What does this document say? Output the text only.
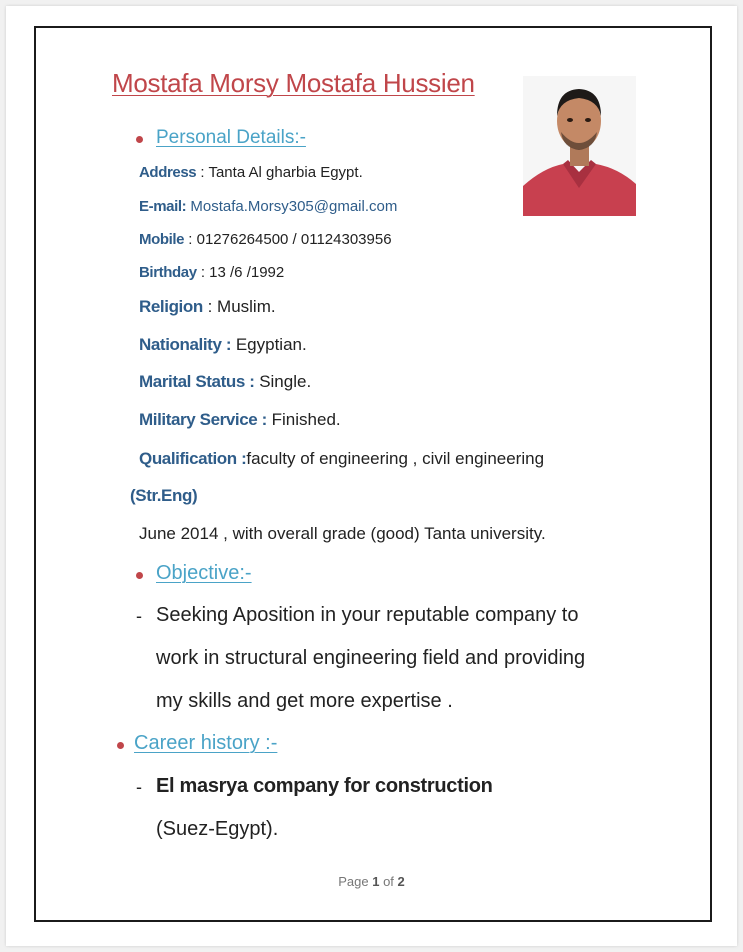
Mostafa Morsy Mostafa Hussien
Personal Details:-
Address : Tanta Al gharbia Egypt.
E-mail: Mostafa.Morsy305@gmail.com
Mobile : 01276264500 / 01124303956
Birthday : 13 /6 /1992
Religion : Muslim.
Nationality : Egyptian.
Marital Status : Single.
Military Service : Finished.
Qualification :faculty of engineering , civil engineering
(Str.Eng)
June 2014 , with overall grade (good) Tanta university.
Objective:-
- Seeking Aposition in your reputable company to
work in structural engineering field and providing
my skills and get more expertise .
Career history :-
- El masrya company for construction
(Suez-Egypt).
Page 1 of 2
